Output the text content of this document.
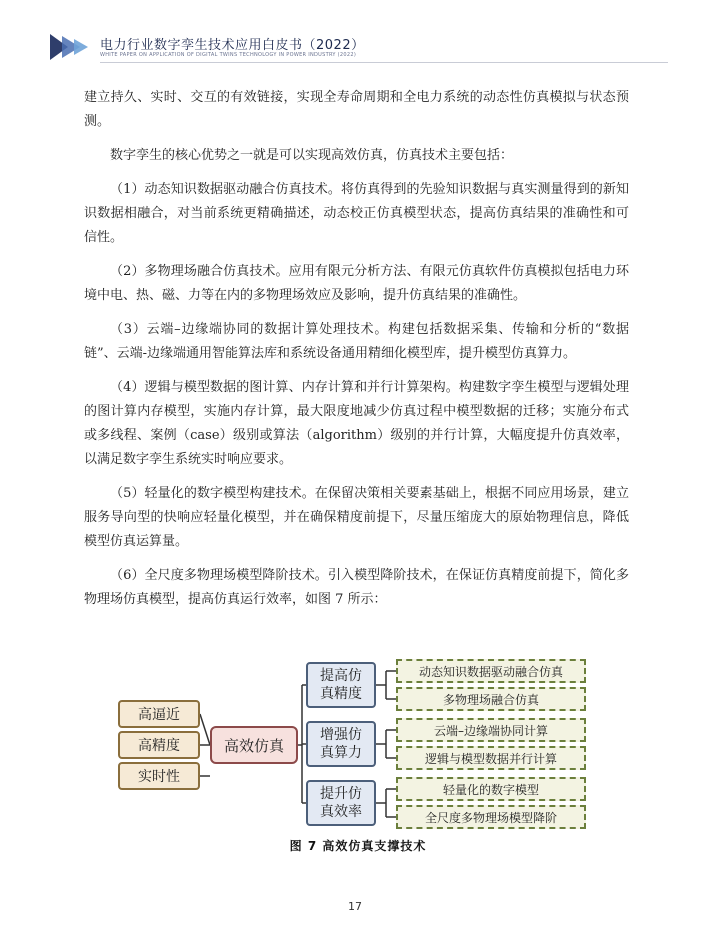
电力行业数字孪生技术应用白皮书（2022）
WHITE PAPER ON APPLICATION OF DIGITAL TWINS TECHNOLOGY IN POWER INDUSTRY (2022)

建立持久、实时、交互的有效链接，实现全寿命周期和全电力系统的动态性仿真模拟与状态预测。

数字孪生的核心优势之一就是可以实现高效仿真，仿真技术主要包括：

（1）动态知识数据驱动融合仿真技术。将仿真得到的先验知识数据与真实测量得到的新知识数据相融合，对当前系统更精确描述，动态校正仿真模型状态，提高仿真结果的准确性和可信性。

（2）多物理场融合仿真技术。应用有限元分析方法、有限元仿真软件仿真模拟包括电力环境中电、热、磁、力等在内的多物理场效应及影响，提升仿真结果的准确性。

（3）云端–边缘端协同的数据计算处理技术。构建包括数据采集、传输和分析的“数据链”、云端-边缘端通用智能算法库和系统设备通用精细化模型库，提升模型仿真算力。

（4）逻辑与模型数据的图计算、内存计算和并行计算架构。构建数字孪生模型与逻辑处理的图计算内存模型，实施内存计算，最大限度地减少仿真过程中模型数据的迁移；实施分布式或多线程、案例（case）级别或算法（algorithm）级别的并行计算，大幅度提升仿真效率，以满足数字孪生系统实时响应要求。

（5）轻量化的数字模型构建技术。在保留决策相关要素基础上，根据不同应用场景，建立服务导向型的快响应轻量化模型，并在确保精度前提下，尽量压缩庞大的原始物理信息，降低模型仿真运算量。

（6）全尺度多物理场模型降阶技术。引入模型降阶技术，在保证仿真精度前提下，简化多物理场仿真模型，提高仿真运行效率，如图 7 所示：

高逼近
高精度
实时性
高效仿真
提高仿真精度
增强仿真算力
提升仿真效率
动态知识数据驱动融合仿真
多物理场融合仿真
云端–边缘端协同计算
逻辑与模型数据并行计算
轻量化的数字模型
全尺度多物理场模型降阶
图 7 高效仿真支撑技术
17
